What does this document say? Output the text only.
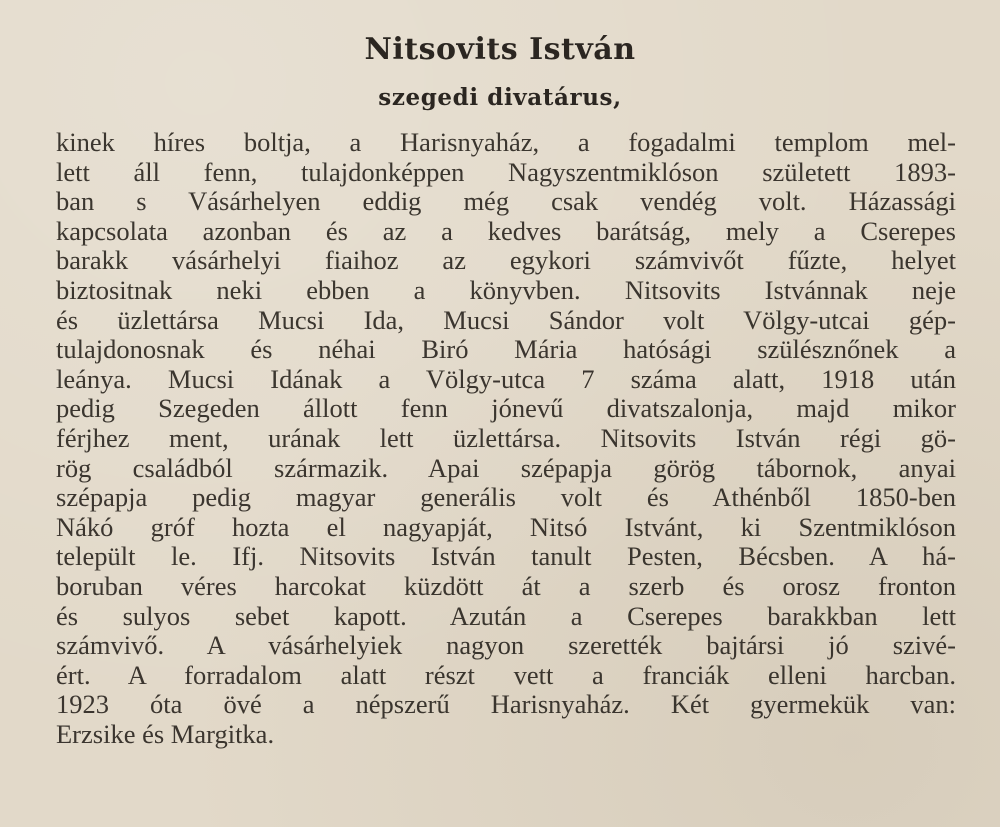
Nitsovits István
szegedi divatárus,
kinek híres boltja, a Harisnyaház, a fogadalmi templom mel-
lett áll fenn, tulajdonképpen Nagyszentmiklóson született 1893-
ban s Vásárhelyen eddig még csak vendég volt. Házassági
kapcsolata azonban és az a kedves barátság, mely a Cserepes
barakk vásárhelyi fiaihoz az egykori számvivőt fűzte, helyet
biztositnak neki ebben a könyvben. Nitsovits Istvánnak neje
és üzlettársa Mucsi Ida, Mucsi Sándor volt Völgy-utcai gép-
tulajdonosnak és néhai Biró Mária hatósági szülésznőnek a
leánya. Mucsi Idának a Völgy-utca 7 száma alatt, 1918 után
pedig Szegeden állott fenn jónevű divatszalonja, majd mikor
férjhez ment, urának lett üzlettársa. Nitsovits István régi gö-
rög családból származik. Apai szépapja görög tábornok, anyai
szépapja pedig magyar generális volt és Athénből 1850-ben
Nákó gróf hozta el nagyapját, Nitsó Istvánt, ki Szentmiklóson
települt le. Ifj. Nitsovits István tanult Pesten, Bécsben. A há-
boruban véres harcokat küzdött át a szerb és orosz fronton
és sulyos sebet kapott. Azután a Cserepes barakkban lett
számvivő. A vásárhelyiek nagyon szerették bajtársi jó szivé-
ért. A forradalom alatt részt vett a franciák elleni harcban.
1923 óta övé a népszerű Harisnyaház. Két gyermekük van:
Erzsike és Margitka.
